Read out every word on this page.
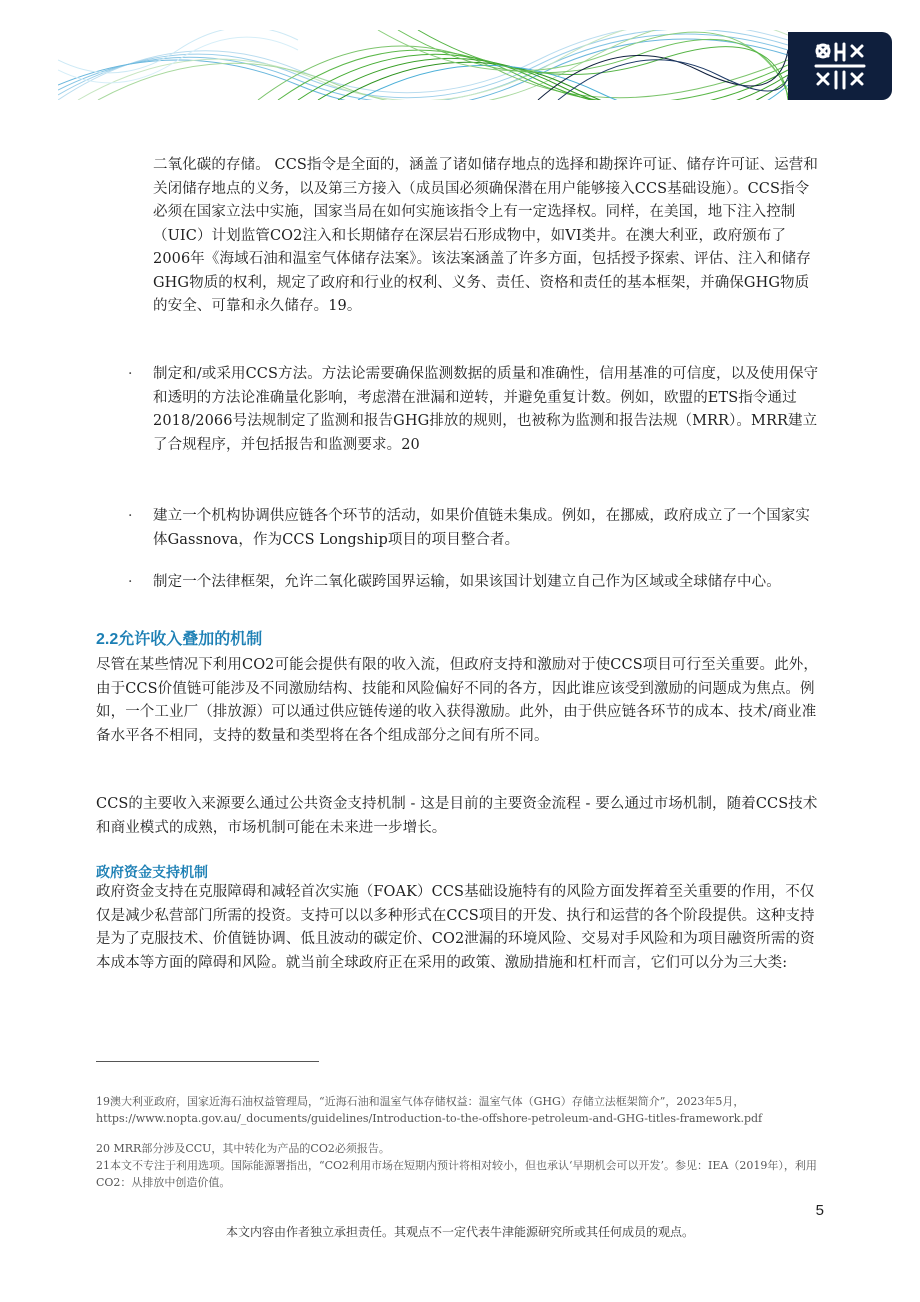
二氧化碳的存储。 CCS指令是全面的，涵盖了诸如储存地点的选择和勘探许可证、储存许可证、运营和关闭储存地点的义务，以及第三方接入（成员国必须确保潜在用户能够接入CCS基础设施）。CCS指令必须在国家立法中实施，国家当局在如何实施该指令上有一定选择权。同样，在美国，地下注入控制（UIC）计划监管CO2注入和长期储存在深层岩石形成物中，如VI类井。在澳大利亚，政府颁布了2006年《海域石油和温室气体储存法案》。该法案涵盖了许多方面，包括授予探索、评估、注入和储存GHG物质的权利，规定了政府和行业的权利、义务、责任、资格和责任的基本框架，并确保GHG物质的安全、可靠和永久储存。19。
· 制定和/或采用CCS方法。方法论需要确保监测数据的质量和准确性，信用基准的可信度，以及使用保守和透明的方法论准确量化影响，考虑潜在泄漏和逆转，并避免重复计数。例如，欧盟的ETS指令通过2018/2066号法规制定了监测和报告GHG排放的规则，也被称为监测和报告法规（MRR）。MRR建立了合规程序，并包括报告和监测要求。20
· 建立一个机构协调供应链各个环节的活动，如果价值链未集成。例如，在挪威，政府成立了一个国家实体Gassnova，作为CCS Longship项目的项目整合者。
· 制定一个法律框架，允许二氧化碳跨国界运输，如果该国计划建立自己作为区域或全球储存中心。
2.2允许收入叠加的机制
尽管在某些情况下利用CO2可能会提供有限的收入流，但政府支持和激励对于使CCS项目可行至关重要。此外，由于CCS价值链可能涉及不同激励结构、技能和风险偏好不同的各方，因此谁应该受到激励的问题成为焦点。例如，一个工业厂（排放源）可以通过供应链传递的收入获得激励。此外，由于供应链各环节的成本、技术/商业准备水平各不相同，支持的数量和类型将在各个组成部分之间有所不同。
CCS的主要收入来源要么通过公共资金支持机制 - 这是目前的主要资金流程 - 要么通过市场机制，随着CCS技术和商业模式的成熟，市场机制可能在未来进一步增长。
政府资金支持机制
政府资金支持在克服障碍和减轻首次实施（FOAK）CCS基础设施特有的风险方面发挥着至关重要的作用，不仅仅是减少私营部门所需的投资。支持可以以多种形式在CCS项目的开发、执行和运营的各个阶段提供。这种支持是为了克服技术、价值链协调、低且波动的碳定价、CO2泄漏的环境风险、交易对手风险和为项目融资所需的资本成本等方面的障碍和风险。就当前全球政府正在采用的政策、激励措施和杠杆而言，它们可以分为三大类:
19澳大利亚政府，国家近海石油权益管理局，“近海石油和温室气体存储权益：温室气体（GHG）存储立法框架简介”，2023年5月，https://www.nopta.gov.au/_documents/guidelines/Introduction-to-the-offshore-petroleum-and-GHG-titles-framework.pdf
20 MRR部分涉及CCU，其中转化为产品的CO2必须报告。
21本文不专注于利用选项。国际能源署指出，“CO2利用市场在短期内预计将相对较小，但也承认‘早期机会可以开发’。参见：IEA（2019年），利用CO2：从排放中创造价值。
5
本文内容由作者独立承担责任。其观点不一定代表牛津能源研究所或其任何成员的观点。
